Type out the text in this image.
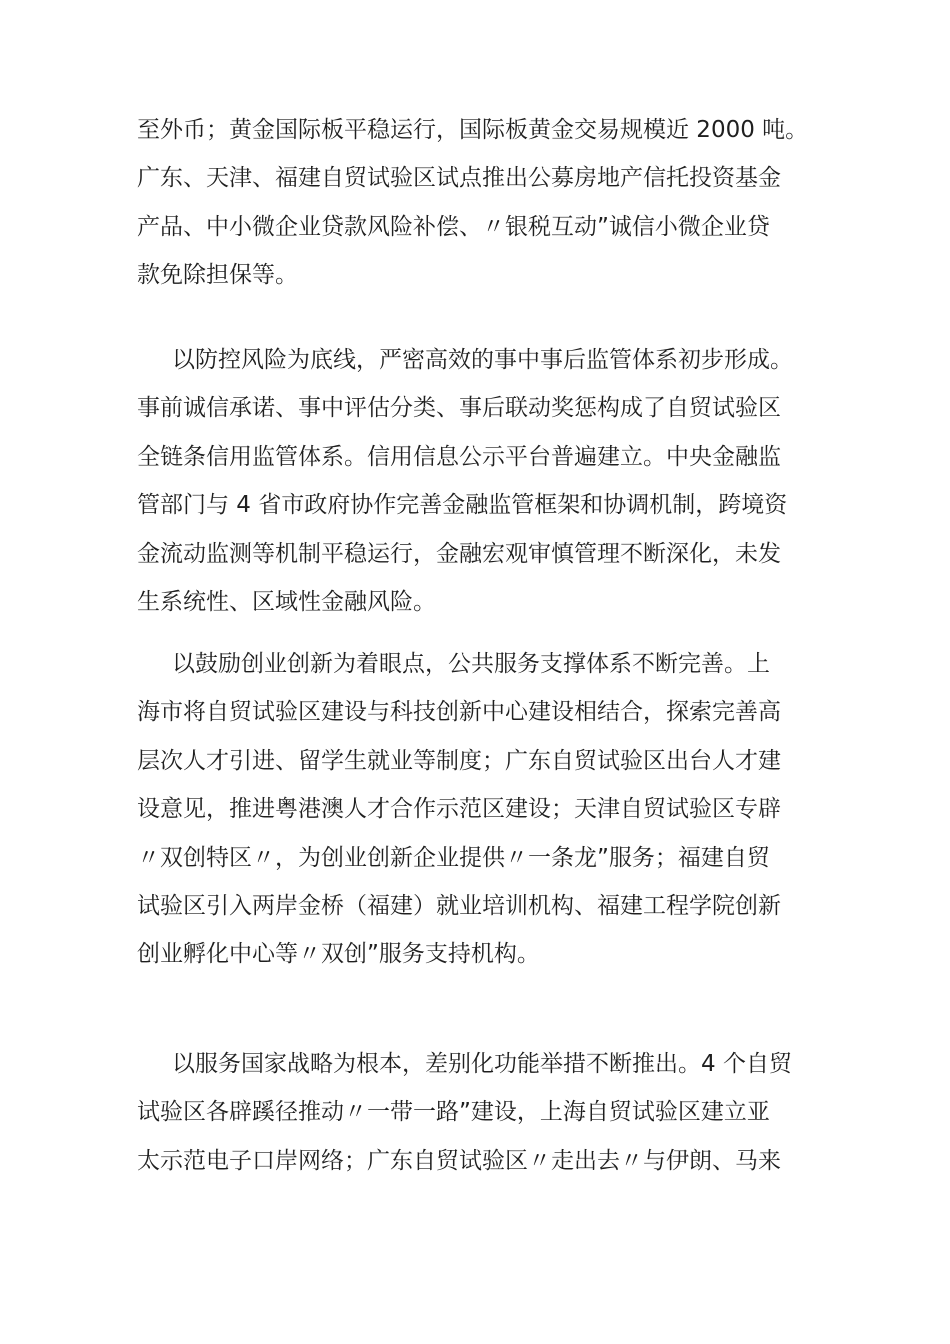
至外币；黄金国际板平稳运行，国际板黄金交易规模近 2000 吨。
广东、天津、福建自贸试验区试点推出公募房地产信托投资基金
产品、中小微企业贷款风险补偿、〃银税互动”诚信小微企业贷
款免除担保等。
以防控风险为底线，严密高效的事中事后监管体系初步形成。
事前诚信承诺、事中评估分类、事后联动奖惩构成了自贸试验区
全链条信用监管体系。信用信息公示平台普遍建立。中央金融监
管部门与 4 省市政府协作完善金融监管框架和协调机制，跨境资
金流动监测等机制平稳运行，金融宏观审慎管理不断深化，未发
生系统性、区域性金融风险。
以鼓励创业创新为着眼点，公共服务支撑体系不断完善。上
海市将自贸试验区建设与科技创新中心建设相结合，探索完善高
层次人才引进、留学生就业等制度；广东自贸试验区出台人才建
设意见，推进粤港澳人才合作示范区建设；天津自贸试验区专辟
〃双创特区〃，为创业创新企业提供〃一条龙”服务；福建自贸
试验区引入两岸金桥（福建）就业培训机构、福建工程学院创新
创业孵化中心等〃双创”服务支持机构。
以服务国家战略为根本，差别化功能举措不断推出。4 个自贸
试验区各辟蹊径推动〃一带一路”建设，上海自贸试验区建立亚
太示范电子口岸网络；广东自贸试验区〃走出去〃与伊朗、马来
